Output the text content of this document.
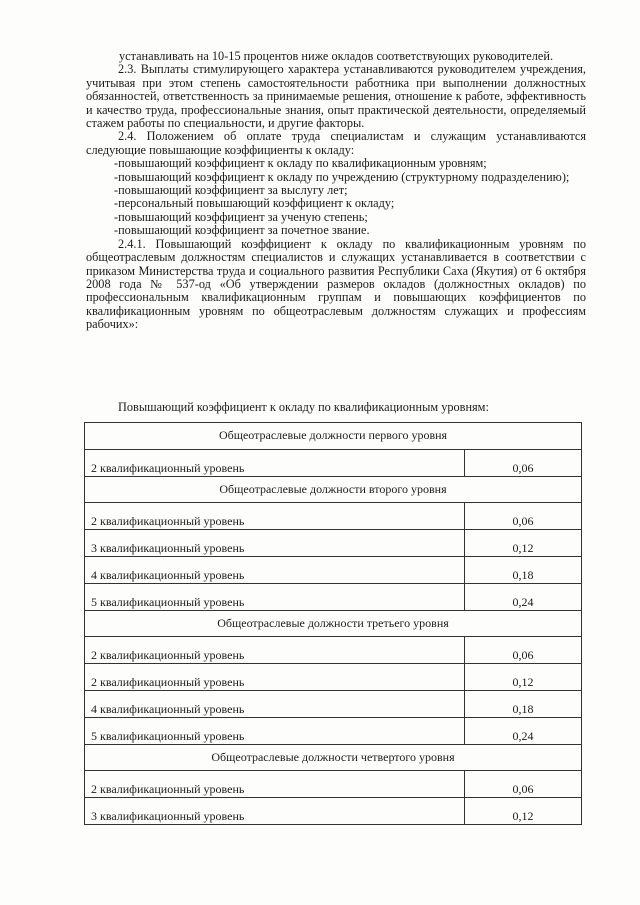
устанавливать на 10-15 процентов ниже окладов соответствующих руководителей.

2.3. Выплаты стимулирующего характера устанавливаются руководителем учреждения, учитывая при этом степень самостоятельности работника при выполнении должностных обязанностей, ответственность за принимаемые решения, отношение к работе, эффективность и качество труда, профессиональные знания, опыт практической деятельности, определяемый стажем работы по специальности, и другие факторы.

2.4. Положением об оплате труда специалистам и служащим устанавливаются следующие повышающие коэффициенты к окладу:

-повышающий коэффициент к окладу по квалификационным уровням;

-повышающий коэффициент к окладу по учреждению (структурному подразделению);

-повышающий коэффициент за выслугу лет;

-персональный повышающий коэффициент к окладу;

-повышающий коэффициент за ученую степень;

-повышающий коэффициент за почетное звание.

2.4.1. Повышающий коэффициент к окладу по квалификационным уровням по общеотраслевым должностям специалистов и служащих устанавливается в соответствии с приказом Министерства труда и социального развития Республики Саха (Якутия) от 6 октября 2008 года № 537-од «Об утверждении размеров окладов (должностных окладов) по профессиональным квалификационным группам и повышающих коэффициентов по квалификационным уровням по общеотраслевым должностям служащих и профессиям рабочих»:

Повышающий коэффициент к окладу по квалификационным уровням:
Общеотраслевые должности первого уровня	
2 квалификационный уровень	0,06
Общеотраслевые должности второго уровня	
2 квалификационный уровень	0,06
3 квалификационный уровень	0,12
4 квалификационный уровень	0,18
5 квалификационный уровень	0,24
Общеотраслевые должности третьего уровня	
2 квалификационный уровень	0,06
2 квалификационный уровень	0,12
4 квалификационный уровень	0,18
5 квалификационный уровень	0,24
Общеотраслевые должности четвертого уровня	
2 квалификационный уровень	0,06
3 квалификационный уровень	0,12
